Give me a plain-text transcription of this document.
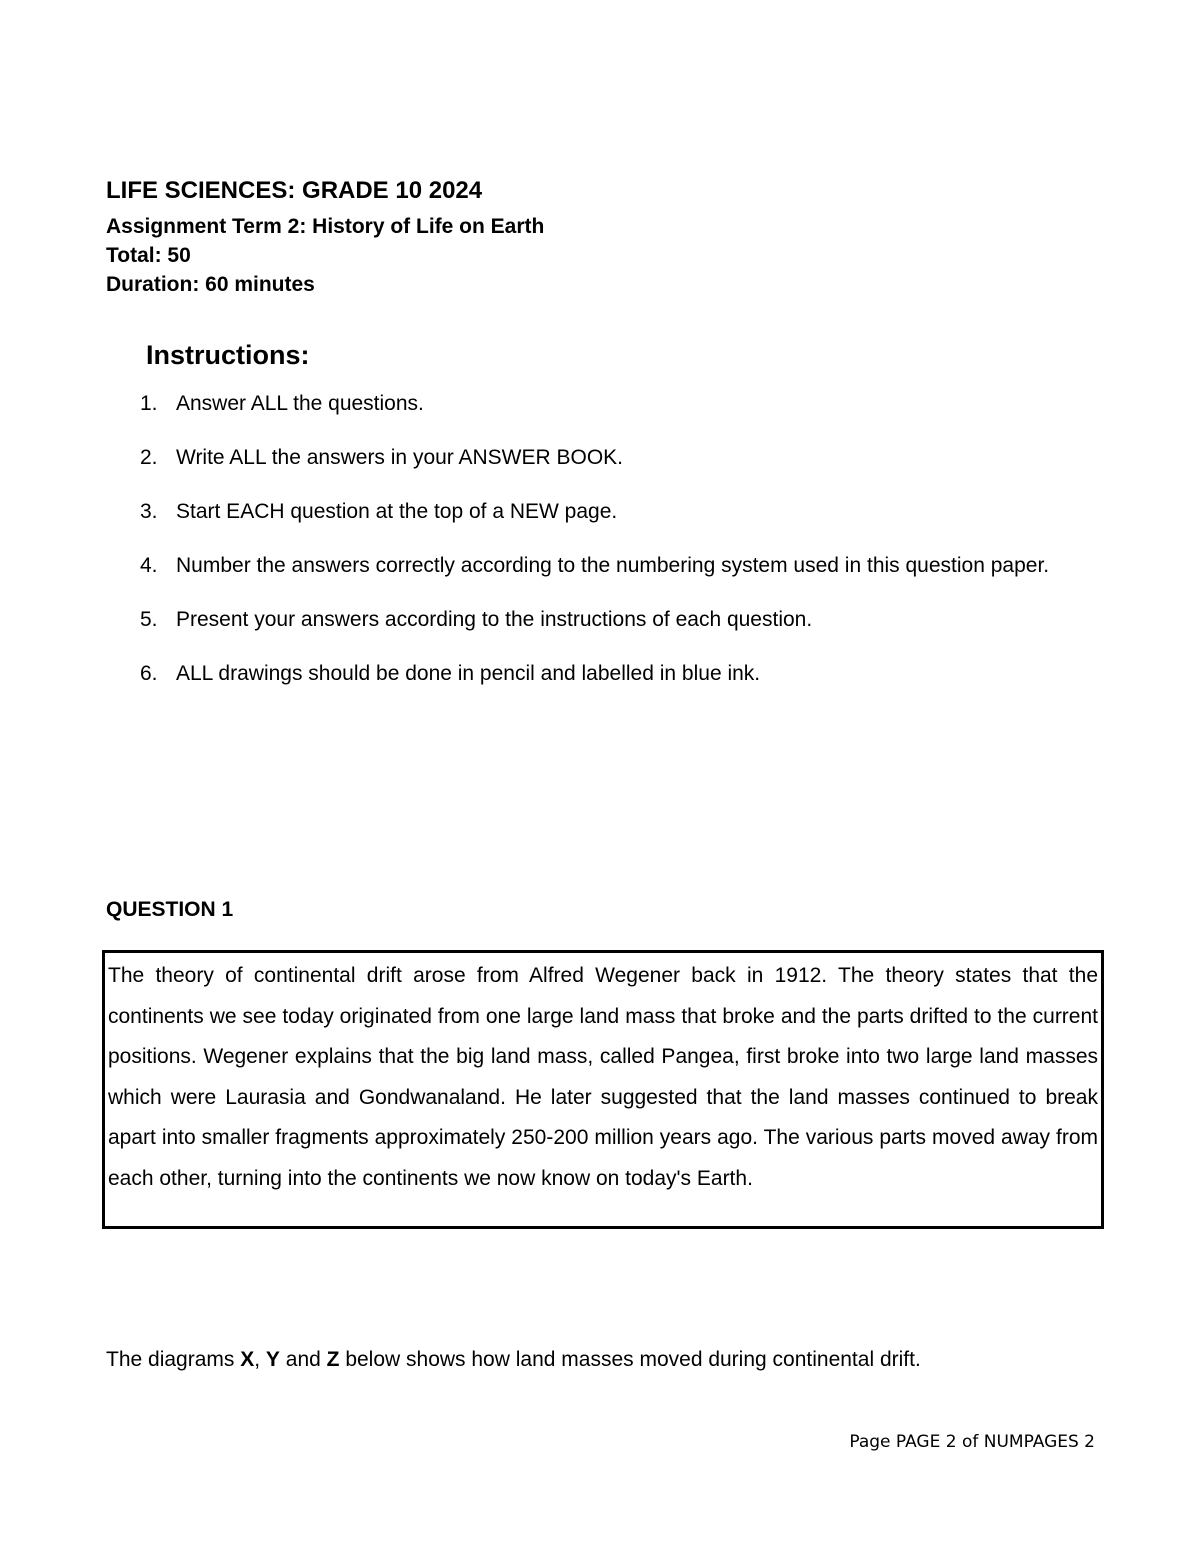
LIFE SCIENCES: GRADE 10 2024

Assignment Term 2: History of Life on Earth

Total: 50

Duration: 60 minutes

Instructions:

1. Answer ALL the questions.
2. Write ALL the answers in your ANSWER BOOK.
3. Start EACH question at the top of a NEW page.
4. Number the answers correctly according to the numbering system used in this question paper.
5. Present your answers according to the instructions of each question.
6. ALL drawings should be done in pencil and labelled in blue ink.

QUESTION 1

The theory of continental drift arose from Alfred Wegener back in 1912. The theory states that the continents we see today originated from one large land mass that broke and the parts drifted to the current positions. Wegener explains that the big land mass, called Pangea, first broke into two large land masses which were Laurasia and Gondwanaland. He later suggested that the land masses continued to break apart into smaller fragments approximately 250-200 million years ago. The various parts moved away from each other, turning into the continents we now know on today's Earth.

The diagrams X, Y and Z below shows how land masses moved during continental drift.

Page PAGE 2 of NUMPAGES 2
